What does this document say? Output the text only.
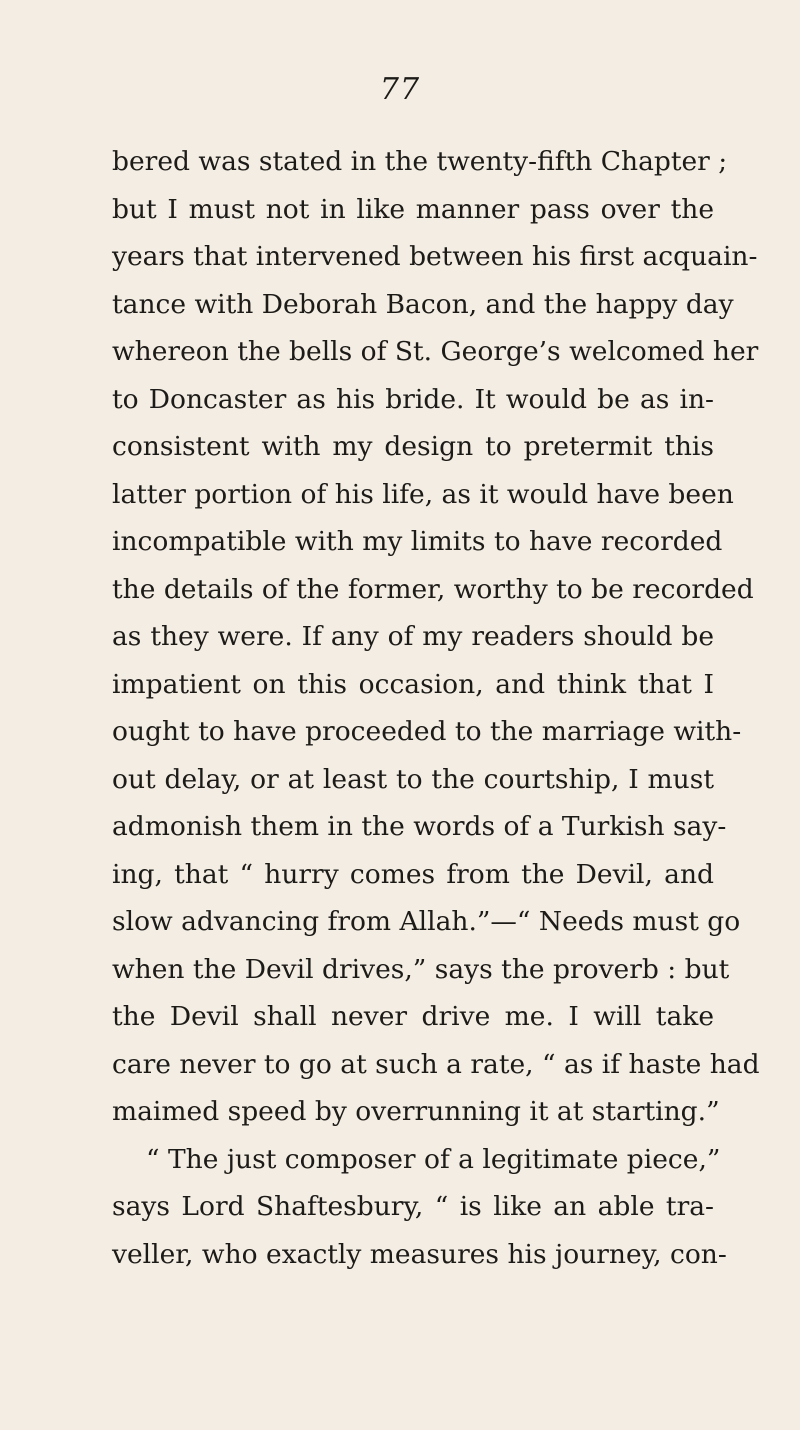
77
bered was stated in the twenty-fifth Chapter ;
but I must not in like manner pass over the
years that intervened between his first acquain-
tance with Deborah Bacon, and the happy day
whereon the bells of St. George’s welcomed her
to Doncaster as his bride. It would be as in-
consistent with my design to pretermit this
latter portion of his life, as it would have been
incompatible with my limits to have recorded
the details of the former, worthy to be recorded
as they were. If any of my readers should be
impatient on this occasion, and think that I
ought to have proceeded to the marriage with-
out delay, or at least to the courtship, I must
admonish them in the words of a Turkish say-
ing, that “ hurry comes from the Devil, and
slow advancing from Allah.”—“ Needs must go
when the Devil drives,” says the proverb : but
the Devil shall never drive me. I will take
care never to go at such a rate, “ as if haste had
maimed speed by overrunning it at starting.”
“ The just composer of a legitimate piece,”
says Lord Shaftesbury, “ is like an able tra-
veller, who exactly measures his journey, con-
